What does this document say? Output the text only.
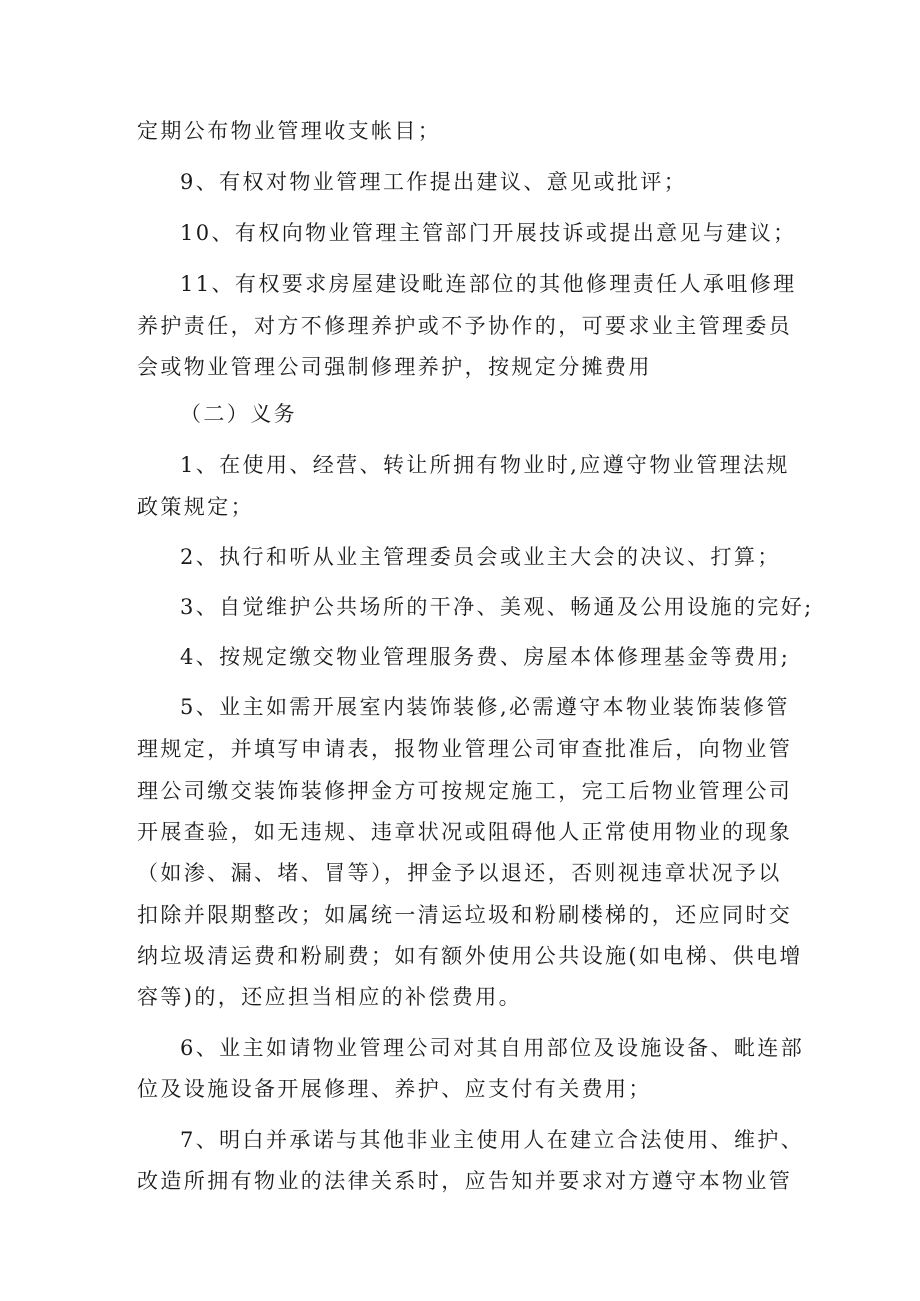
定期公布物业管理收支帐目；
9、有权对物业管理工作提出建议、意见或批评；
10、有权向物业管理主管部门开展技诉或提出意见与建议；
11、有权要求房屋建设毗连部位的其他修理责任人承咀修理
养护责任，对方不修理养护或不予协作的，可要求业主管理委员
会或物业管理公司强制修理养护，按规定分摊费用
（二）义务
1、在使用、经营、转让所拥有物业时,应遵守物业管理法规
政策规定；
2、执行和听从业主管理委员会或业主大会的决议、打算；
3、自觉维护公共场所的干净、美观、畅通及公用设施的完好;
4、按规定缴交物业管理服务费、房屋本体修理基金等费用;
5、业主如需开展室内装饰装修,必需遵守本物业装饰装修管
理规定，并填写申请表，报物业管理公司审查批准后，向物业管
理公司缴交装饰装修押金方可按规定施工，完工后物业管理公司
开展查验，如无违规、违章状况或阻碍他人正常使用物业的现象
（如渗、漏、堵、冒等），押金予以退还，否则视违章状况予以
扣除并限期整改；如属统一清运垃圾和粉刷楼梯的，还应同时交
纳垃圾清运费和粉刷费；如有额外使用公共设施(如电梯、供电增
容等)的，还应担当相应的补偿费用。
6、业主如请物业管理公司对其自用部位及设施设备、毗连部
位及设施设备开展修理、养护、应支付有关费用；
7、明白并承诺与其他非业主使用人在建立合法使用、维护、
改造所拥有物业的法律关系时，应告知并要求对方遵守本物业管
